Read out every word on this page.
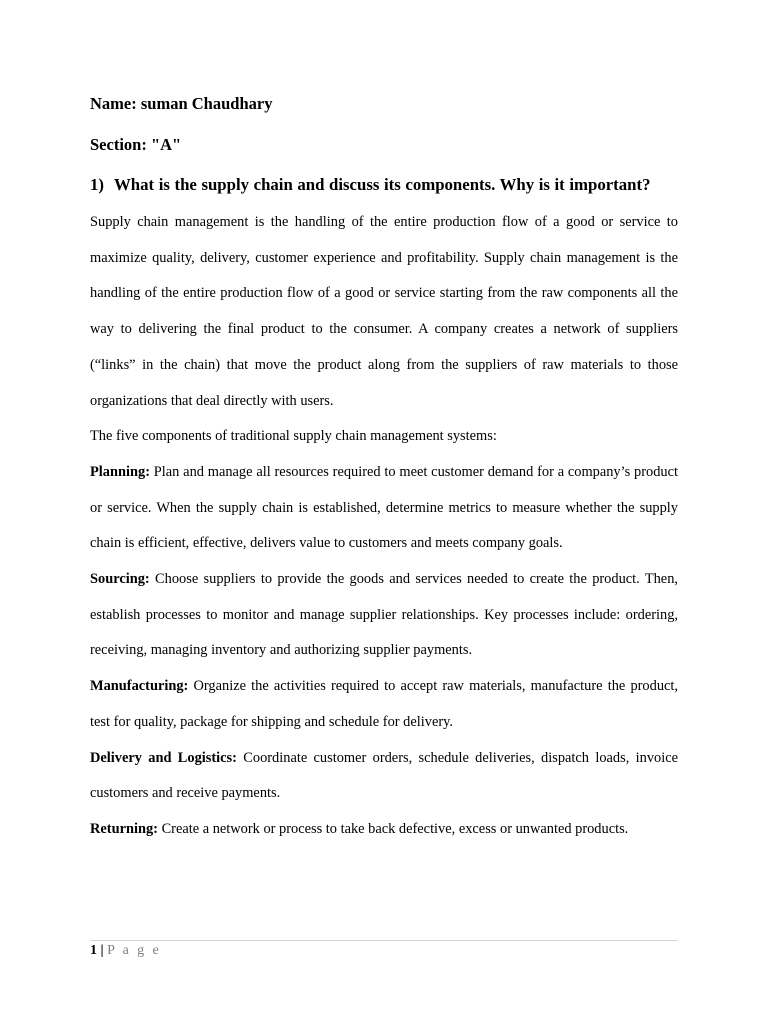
Name: suman Chaudhary

Section: "A"

1) What is the supply chain and discuss its components. Why is it important?

Supply chain management is the handling of the entire production flow of a good or service to maximize quality, delivery, customer experience and profitability. Supply chain management is the handling of the entire production flow of a good or service starting from the raw components all the way to delivering the final product to the consumer. A company creates a network of suppliers (“links” in the chain) that move the product along from the suppliers of raw materials to those organizations that deal directly with users.

The five components of traditional supply chain management systems:

Planning: Plan and manage all resources required to meet customer demand for a company’s product or service. When the supply chain is established, determine metrics to measure whether the supply chain is efficient, effective, delivers value to customers and meets company goals.

Sourcing: Choose suppliers to provide the goods and services needed to create the product. Then, establish processes to monitor and manage supplier relationships. Key processes include: ordering, receiving, managing inventory and authorizing supplier payments.

Manufacturing: Organize the activities required to accept raw materials, manufacture the product, test for quality, package for shipping and schedule for delivery.

Delivery and Logistics: Coordinate customer orders, schedule deliveries, dispatch loads, invoice customers and receive payments.

Returning: Create a network or process to take back defective, excess or unwanted products.

1 | P a g e
